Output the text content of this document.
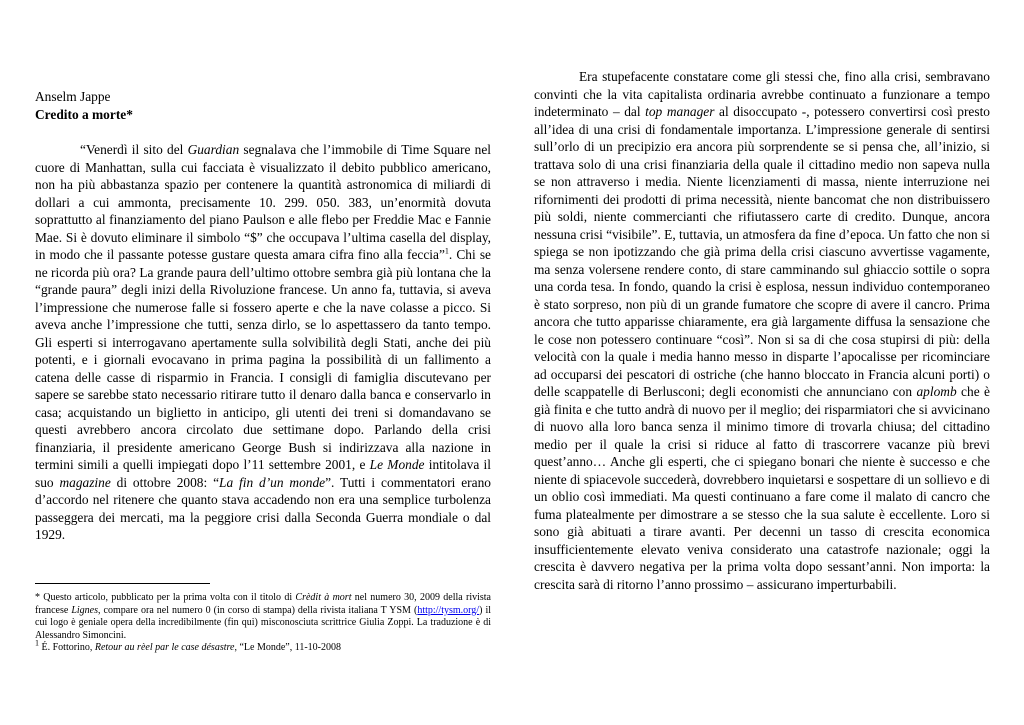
Anselm Jappe

Credito a morte*

“Venerdì il sito del Guardian segnalava che l’immobile di Time Square nel cuore di Manhattan, sulla cui facciata è visualizzato il debito pubblico americano, non ha più abbastanza spazio per contenere la quantità astronomica di miliardi di dollari a cui ammonta, precisamente 10. 299. 050. 383, un’enormità dovuta soprattutto al finanziamento del piano Paulson e alle flebo per Freddie Mac e Fannie Mae. Si è dovuto eliminare il simbolo “$” che occupava l’ultima casella del display, in modo che il passante potesse gustare questa amara cifra fino alla feccia”$^1$. Chi se ne ricorda più ora? La grande paura dell’ultimo ottobre sembra già più lontana che la “grande paura” degli inizi della Rivoluzione francese. Un anno fa, tuttavia, si aveva l’impressione che numerose falle si fossero aperte e che la nave colasse a picco. Si aveva anche l’impressione che tutti, senza dirlo, se lo aspettassero da tanto tempo. Gli esperti si interrogavano apertamente sulla solvibilità degli Stati, anche dei più potenti, e i giornali evocavano in prima pagina la possibilità di un fallimento a catena delle casse di risparmio in Francia. I consigli di famiglia discutevano per sapere se sarebbe stato necessario ritirare tutto il denaro dalla banca e conservarlo in casa; acquistando un biglietto in anticipo, gli utenti dei treni si domandavano se questi avrebbero ancora circolato due settimane dopo. Parlando della crisi finanziaria, il presidente americano George Bush si indirizzava alla nazione in termini simili a quelli impiegati dopo l’11 settembre 2001, e Le Monde intitolava il suo magazine di ottobre 2008: “La fin d’un monde”. Tutti i commentatori erano d’accordo nel ritenere che quanto stava accadendo non era una semplice turbolenza passeggera dei mercati, ma la peggiore crisi dalla Seconda Guerra mondiale o dal 1929.

* Questo articolo, pubblicato per la prima volta con il titolo di Crèdit à mort nel numero 30, 2009 della rivista francese Lignes, compare ora nel numero 0 (in corso di stampa) della rivista italiana T YSM (http://tysm.org/) il cui logo è geniale opera della incredibilmente (fin qui) misconosciuta scrittrice Giulia Zoppi. La traduzione è di Alessandro Simoncini.

$^1$ É. Fottorino, Retour au rèel par le case désastre, “Le Monde”, 11-10-2008

Era stupefacente constatare come gli stessi che, fino alla crisi, sembravano convinti che la vita capitalista ordinaria avrebbe continuato a funzionare a tempo indeterminato – dal top manager al disoccupato -, potessero convertirsi così presto all’idea di una crisi di fondamentale importanza. L’impressione generale di sentirsi sull’orlo di un precipizio era ancora più sorprendente se si pensa che, all’inizio, si trattava solo di una crisi finanziaria della quale il cittadino medio non sapeva nulla se non attraverso i media. Niente licenziamenti di massa, niente interruzione nei rifornimenti dei prodotti di prima necessità, niente bancomat che non distribuissero più soldi, niente commercianti che rifiutassero carte di credito. Dunque, ancora nessuna crisi “visibile”. E, tuttavia, un atmosfera da fine d’epoca. Un fatto che non si spiega se non ipotizzando che già prima della crisi ciascuno avvertisse vagamente, ma senza volersene rendere conto, di stare camminando sul ghiaccio sottile o sopra una corda tesa. In fondo, quando la crisi è esplosa, nessun individuo contemporaneo è stato sorpreso, non più di un grande fumatore che scopre di avere il cancro. Prima ancora che tutto apparisse chiaramente, era già largamente diffusa la sensazione che le cose non potessero continuare “così”. Non si sa di che cosa stupirsi di più: della velocità con la quale i media hanno messo in disparte l’apocalisse per ricominciare ad occuparsi dei pescatori di ostriche (che hanno bloccato in Francia alcuni porti) o delle scappatelle di Berlusconi; degli economisti che annunciano con aplomb che è già finita e che tutto andrà di nuovo per il meglio; dei risparmiatori che si avvicinano di nuovo alla loro banca senza il minimo timore di trovarla chiusa; del cittadino medio per il quale la crisi si riduce al fatto di trascorrere vacanze più brevi quest’anno… Anche gli esperti, che ci spiegano bonari che niente è successo e che niente di spiacevole succederà, dovrebbero inquietarsi e sospettare di un sollievo e di un oblio così immediati. Ma questi continuano a fare come il malato di cancro che fuma platealmente per dimostrare a se stesso che la sua salute è eccellente. Loro si sono già abituati a tirare avanti. Per decenni un tasso di crescita economica insufficientemente elevato veniva considerato una catastrofe nazionale; oggi la crescita è davvero negativa per la prima volta dopo sessant’anni. Non importa: la crescita sarà di ritorno l’anno prossimo – assicurano imperturbabili.
